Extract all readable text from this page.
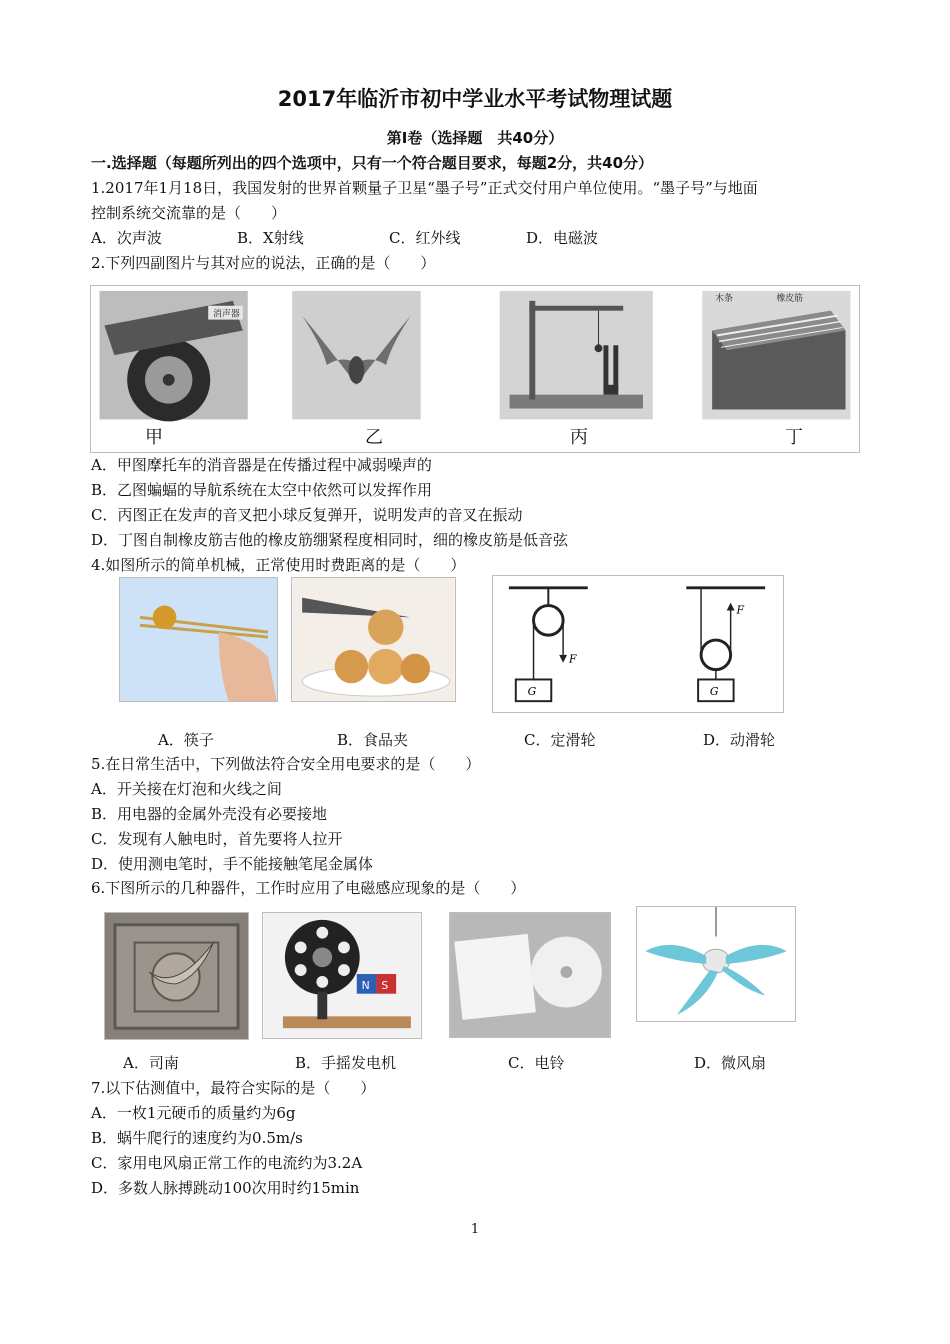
2017年临沂市初中学业水平考试物理试题
第Ⅰ卷（选择题　共40分）
一.选择题（每题所列出的四个选项中，只有一个符合题目要求，每题2分，共40分）
1.2017年1月18日，我国发射的世界首颗量子卫星“墨子号”正式交付用户单位使用。“墨子号”与地面
控制系统交流靠的是（　　）
A．次声波	B．X射线	C．红外线	D．电磁波
2.下列四副图片与其对应的说法，正确的是（　　）
消声器
木条	橡皮筋
甲	乙	丙	丁
A．甲图摩托车的消音器是在传播过程中减弱噪声的
B．乙图蝙蝠的导航系统在太空中依然可以发挥作用
C．丙图正在发声的音叉把小球反复弹开，说明发声的音叉在振动
D．丁图自制橡皮筋吉他的橡皮筋绷紧程度相同时，细的橡皮筋是低音弦
4.如图所示的简单机械，正常使用时费距离的是（　　）
F
G
F
G
A．筷子	B．食品夹	C．定滑轮	D．动滑轮
5.在日常生活中，下列做法符合安全用电要求的是（　　）
A．开关接在灯泡和火线之间
B．用电器的金属外壳没有必要接地
C．发现有人触电时，首先要将人拉开
D．使用测电笔时，手不能接触笔尾金属体
6.下图所示的几种器件，工作时应用了电磁感应现象的是（　　）
N S
A．司南	B．手摇发电机	C．电铃	D．微风扇
7.以下估测值中，最符合实际的是（　　）
A．一枚1元硬币的质量约为6g
B．蜗牛爬行的速度约为0.5m/s
C．家用电风扇正常工作的电流约为3.2A
D．多数人脉搏跳动100次用时约15min
1
